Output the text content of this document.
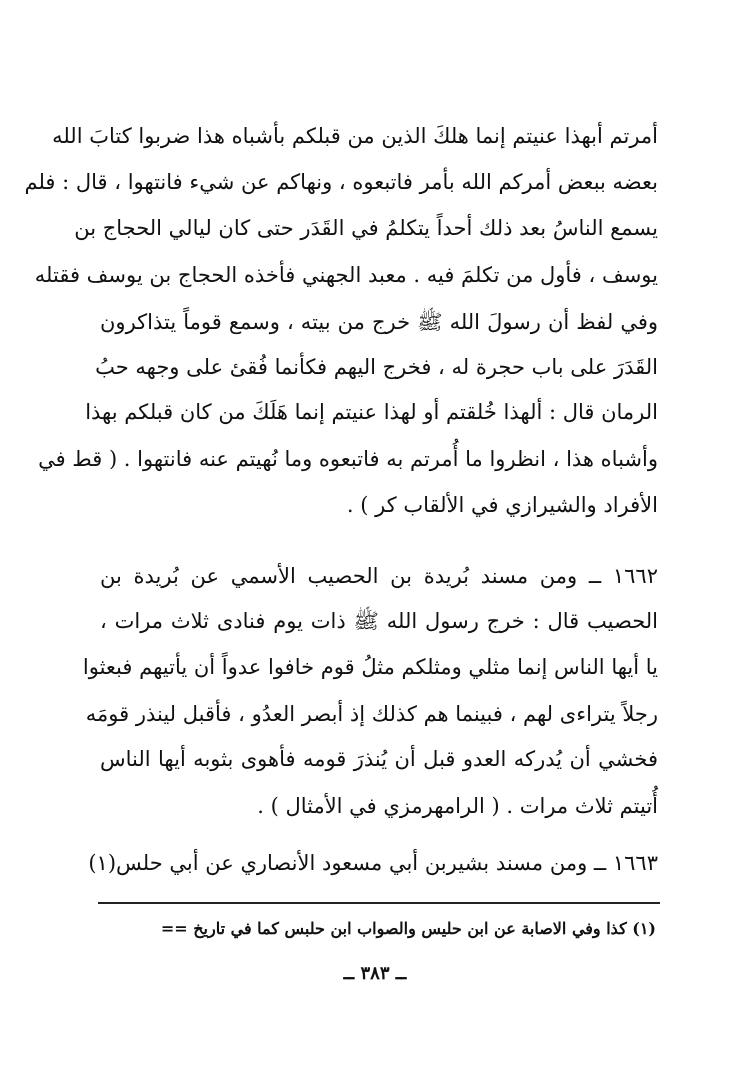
أمرتم أبهذا عنيتم إنما هلكَ الذين من قبلكم بأشباه هذا ضربوا كتابَ الله
بعضه ببعض أمركم الله بأمر فاتبعوه ، ونهاكم عن شيء فانتهوا ، قال : فلم
يسمع الناسُ بعد ذلك أحداً يتكلمُ في القَدَر حتى كان ليالي الحجاج بن
يوسف ، فأول من تكلمَ فيه . معبد الجهني فأخذه الحجاج بن يوسف فقتله
وفي لفظ أن رسولَ الله ﷺ خرج من بيته ، وسمع قوماً يتذاكرون
القَدَرَ على باب حجرة له ، فخرج اليهم فكأنما فُقئ على وجهه حبُ
الرمان قال : ألهذا خُلقتم أو لهذا عنيتم إنما هَلَكَ من كان قبلكم بهذا
وأشباه هذا ، انظروا ما أُمرتم به فاتبعوه وما نُهيتم عنه فانتهوا . ( قط في
الأفراد والشيرازي في الألقاب كر ) .
١٦٦٢ ــ ومن مسند بُريدة بن الحصيب الأسمي عن بُريدة بن
الحصيب قال : خرج رسول الله ﷺ ذات يوم فنادى ثلاث مرات ،
يا أيها الناس إنما مثلي ومثلكم مثلُ قوم خافوا عدواً أن يأتيهم فبعثوا
رجلاً يتراءى لهم ، فبينما هم كذلك إذ أبصر العدُو ، فأقبل لينذر قومَه
فخشي أن يُدركه العدو قبل أن يُنذرَ قومه فأهوى بثوبه أيها الناس
أُتيتم ثلاث مرات . ( الرامهرمزي في الأمثال ) .
١٦٦٣ ــ ومن مسند بشيربن أبي مسعود الأنصاري عن أبي حلس(١)
(١) كذا وفي الاصابة عن ابن حليس والصواب ابن حلبس كما في تاريخ ==
ــ ٣٨٣ ــ
